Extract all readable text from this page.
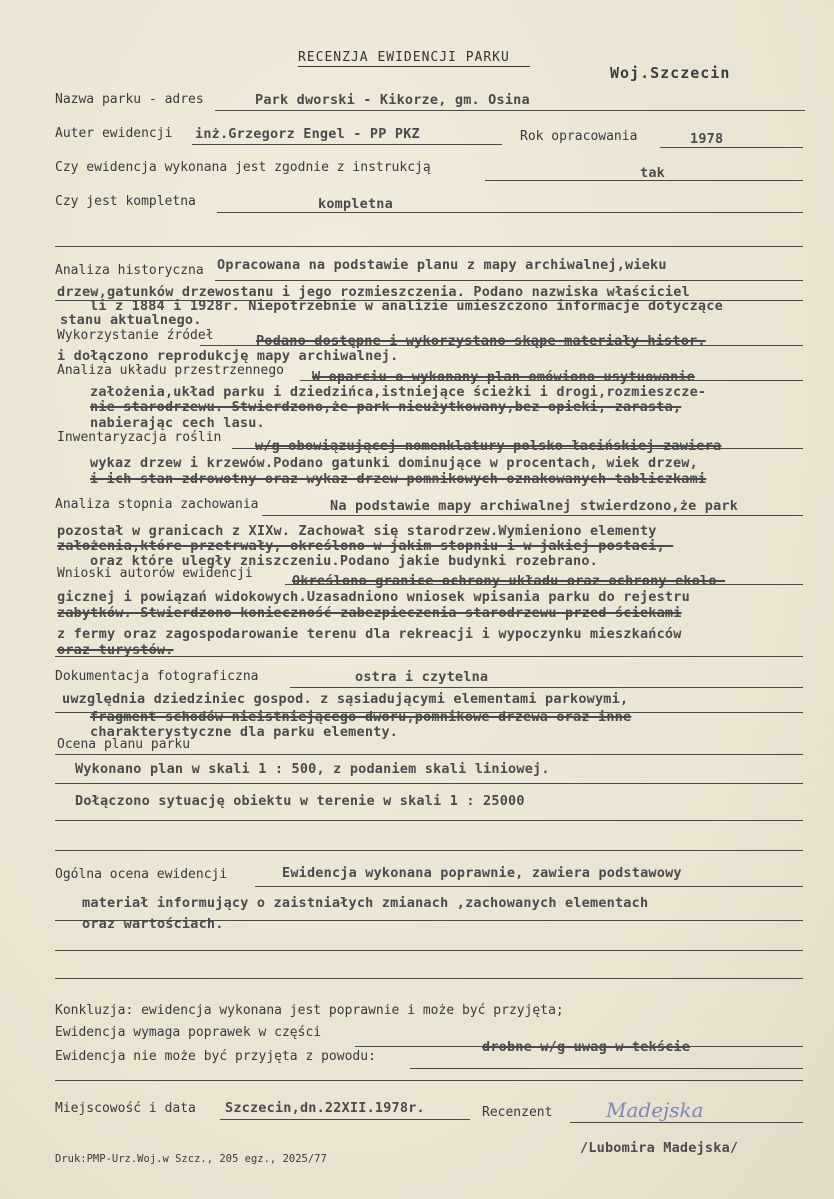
RECENZJA EWIDENCJI PARKU
Woj.Szczecin
Nazwa parku - adres	Park dworski - Kikorze, gm. Osina
Auter ewidencji inż.Grzegorz Engel - PP PKZ	Rok opracowania	1978
Czy ewidencja wykonana jest zgodnie z instrukcją	tak
Czy jest kompletna	kompletna
Analiza historyczna Opracowana na podstawie planu z mapy archiwalnej,wieku
drzew,gatunków drzewostanu i jego rozmieszczenia. Podano nazwiska właściciel
li z 1884 i 1928r. Niepotrzebnie w analizie umieszczono informacje dotyczące
stanu aktualnego.
Wykorzystanie źródeł	Podano dostępne i wykorzystano skąpe materiały histor.
i dołączono reprodukcję mapy archiwalnej.
Analiza układu przestrzennego W oparciu o wykonany plan omówiono usytuowanie
założenia,układ parku i dziedzińca,istniejące ścieżki i drogi,rozmieszcze-
nie starodrzewu. Stwierdzono,że park nieużytkowany,bez opieki, zarasta,
nabierając cech lasu.
Inwentaryzacja roślin
w/g obowiązującej nomenklatury polsko-łacińskiej zawiera
wykaz drzew i krzewów.Podano gatunki dominujące w procentach, wiek drzew,
i ich stan zdrowotny oraz wykaz drzew pomnikowych oznakowanych tabliczkami
Analiza stopnia zachowania	Na podstawie mapy archiwalnej stwierdzono,że park
pozostał w granicach z XIXw. Zachował się starodrzew.Wymieniono elementy
założenia,które przetrwały, określono w jakim stopniu i w jakiej postaci,-
oraz które uległy zniszczeniu.Podano jakie budynki rozebrano.
Wnioski autorów ewidencji	Określono granice ochrony układu oraz ochrony ekolo-
gicznej i powiązań widokowych.Uzasadniono wniosek wpisania parku do rejestru
zabytków. Stwierdzono konieczność zabezpieczenia starodrzewu przed ściekami
z fermy oraz zagospodarowanie terenu dla rekreacji i wypoczynku mieszkańców
oraz turystów.
Dokumentacja fotograficzna	ostra i czytelna
uwzględnia dziedziniec gospod. z sąsiadującymi elementami parkowymi,
fragment schodów nieistniejącego dworu,pomnikowe drzewa oraz inne
charakterystyczne dla parku elementy.
Ocena planu parku
Wykonano plan w skali 1 : 500, z podaniem skali liniowej.
Dołączono sytuację obiektu w terenie w skali 1 : 25000
Ogólna ocena ewidencji	Ewidencja wykonana poprawnie, zawiera podstawowy
materiał informujący o zaistniałych zmianach ,zachowanych elementach
oraz wartościach.
Konkluzja: ewidencja wykonana jest poprawnie i może być przyjęta;
Ewidencja wymaga poprawek w części
drobne w/g uwag w tekście
Ewidencja nie może być przyjęta z powodu:
Miejscowość i data Szczecin,dn.22XII.1978r.	Recenzent	Madejska
/Lubomira Madejska/
Druk:PMP-Urz.Woj.w Szcz., 205 egz., 2025/77
